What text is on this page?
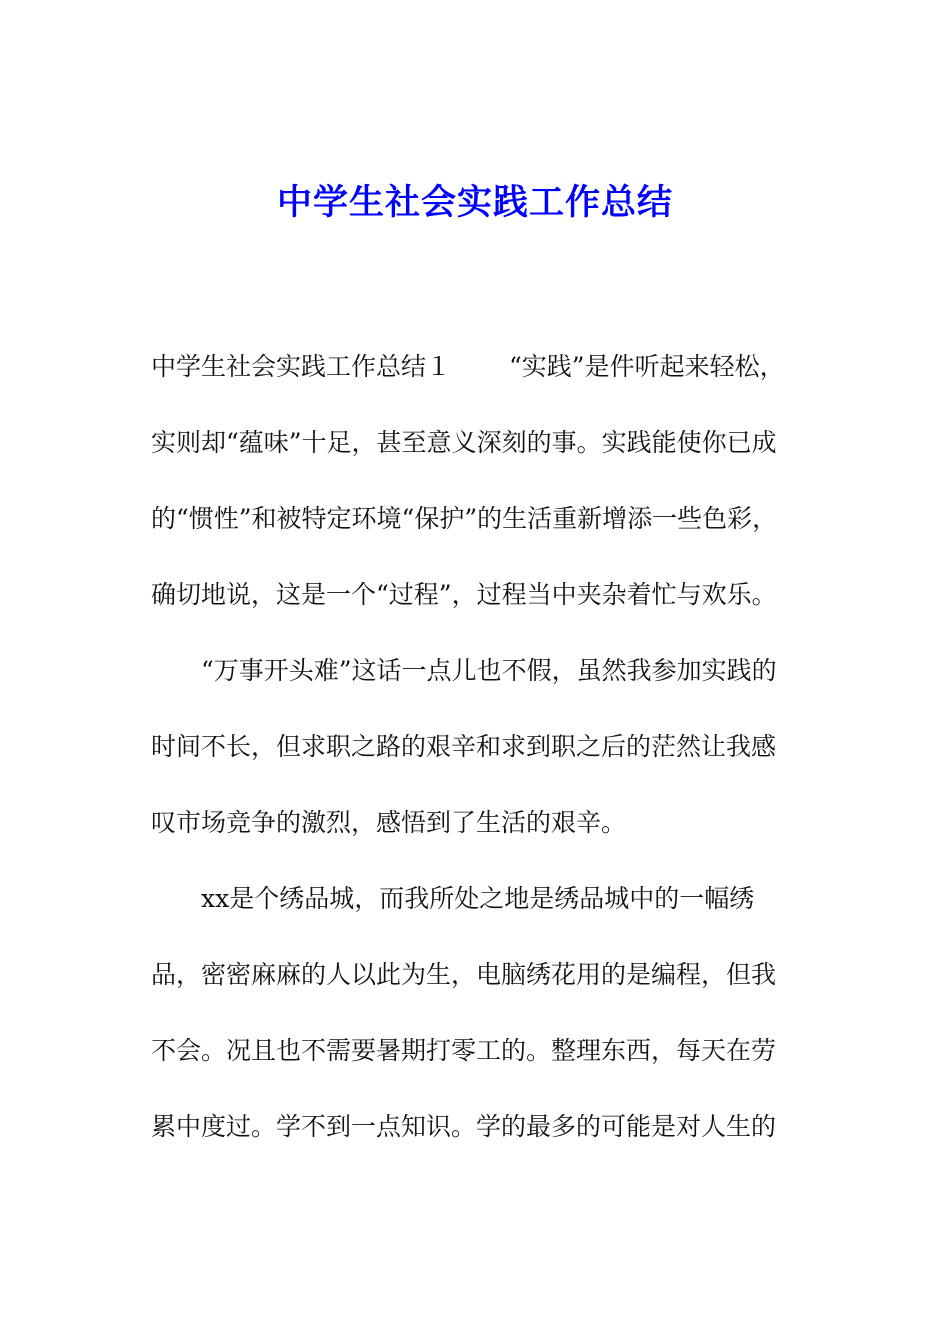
中学生社会实践工作总结

中学生社会实践工作总结１ “实践”是件听起来轻松，实则却“蕴味”十足，甚至意义深刻的事。实践能使你已成的“惯性”和被特定环境“保护”的生活重新增添一些色彩，确切地说，这是一个“过程”，过程当中夹杂着忙与欢乐。

“万事开头难”这话一点儿也不假，虽然我参加实践的时间不长，但求职之路的艰辛和求到职之后的茫然让我感叹市场竞争的激烈，感悟到了生活的艰辛。

xx是个绣品城，而我所处之地是绣品城中的一幅绣品，密密麻麻的人以此为生，电脑绣花用的是编程，但我不会。况且也不需要暑期打零工的。整理东西，每天在劳累中度过。学不到一点知识。学的最多的可能是对人生的
